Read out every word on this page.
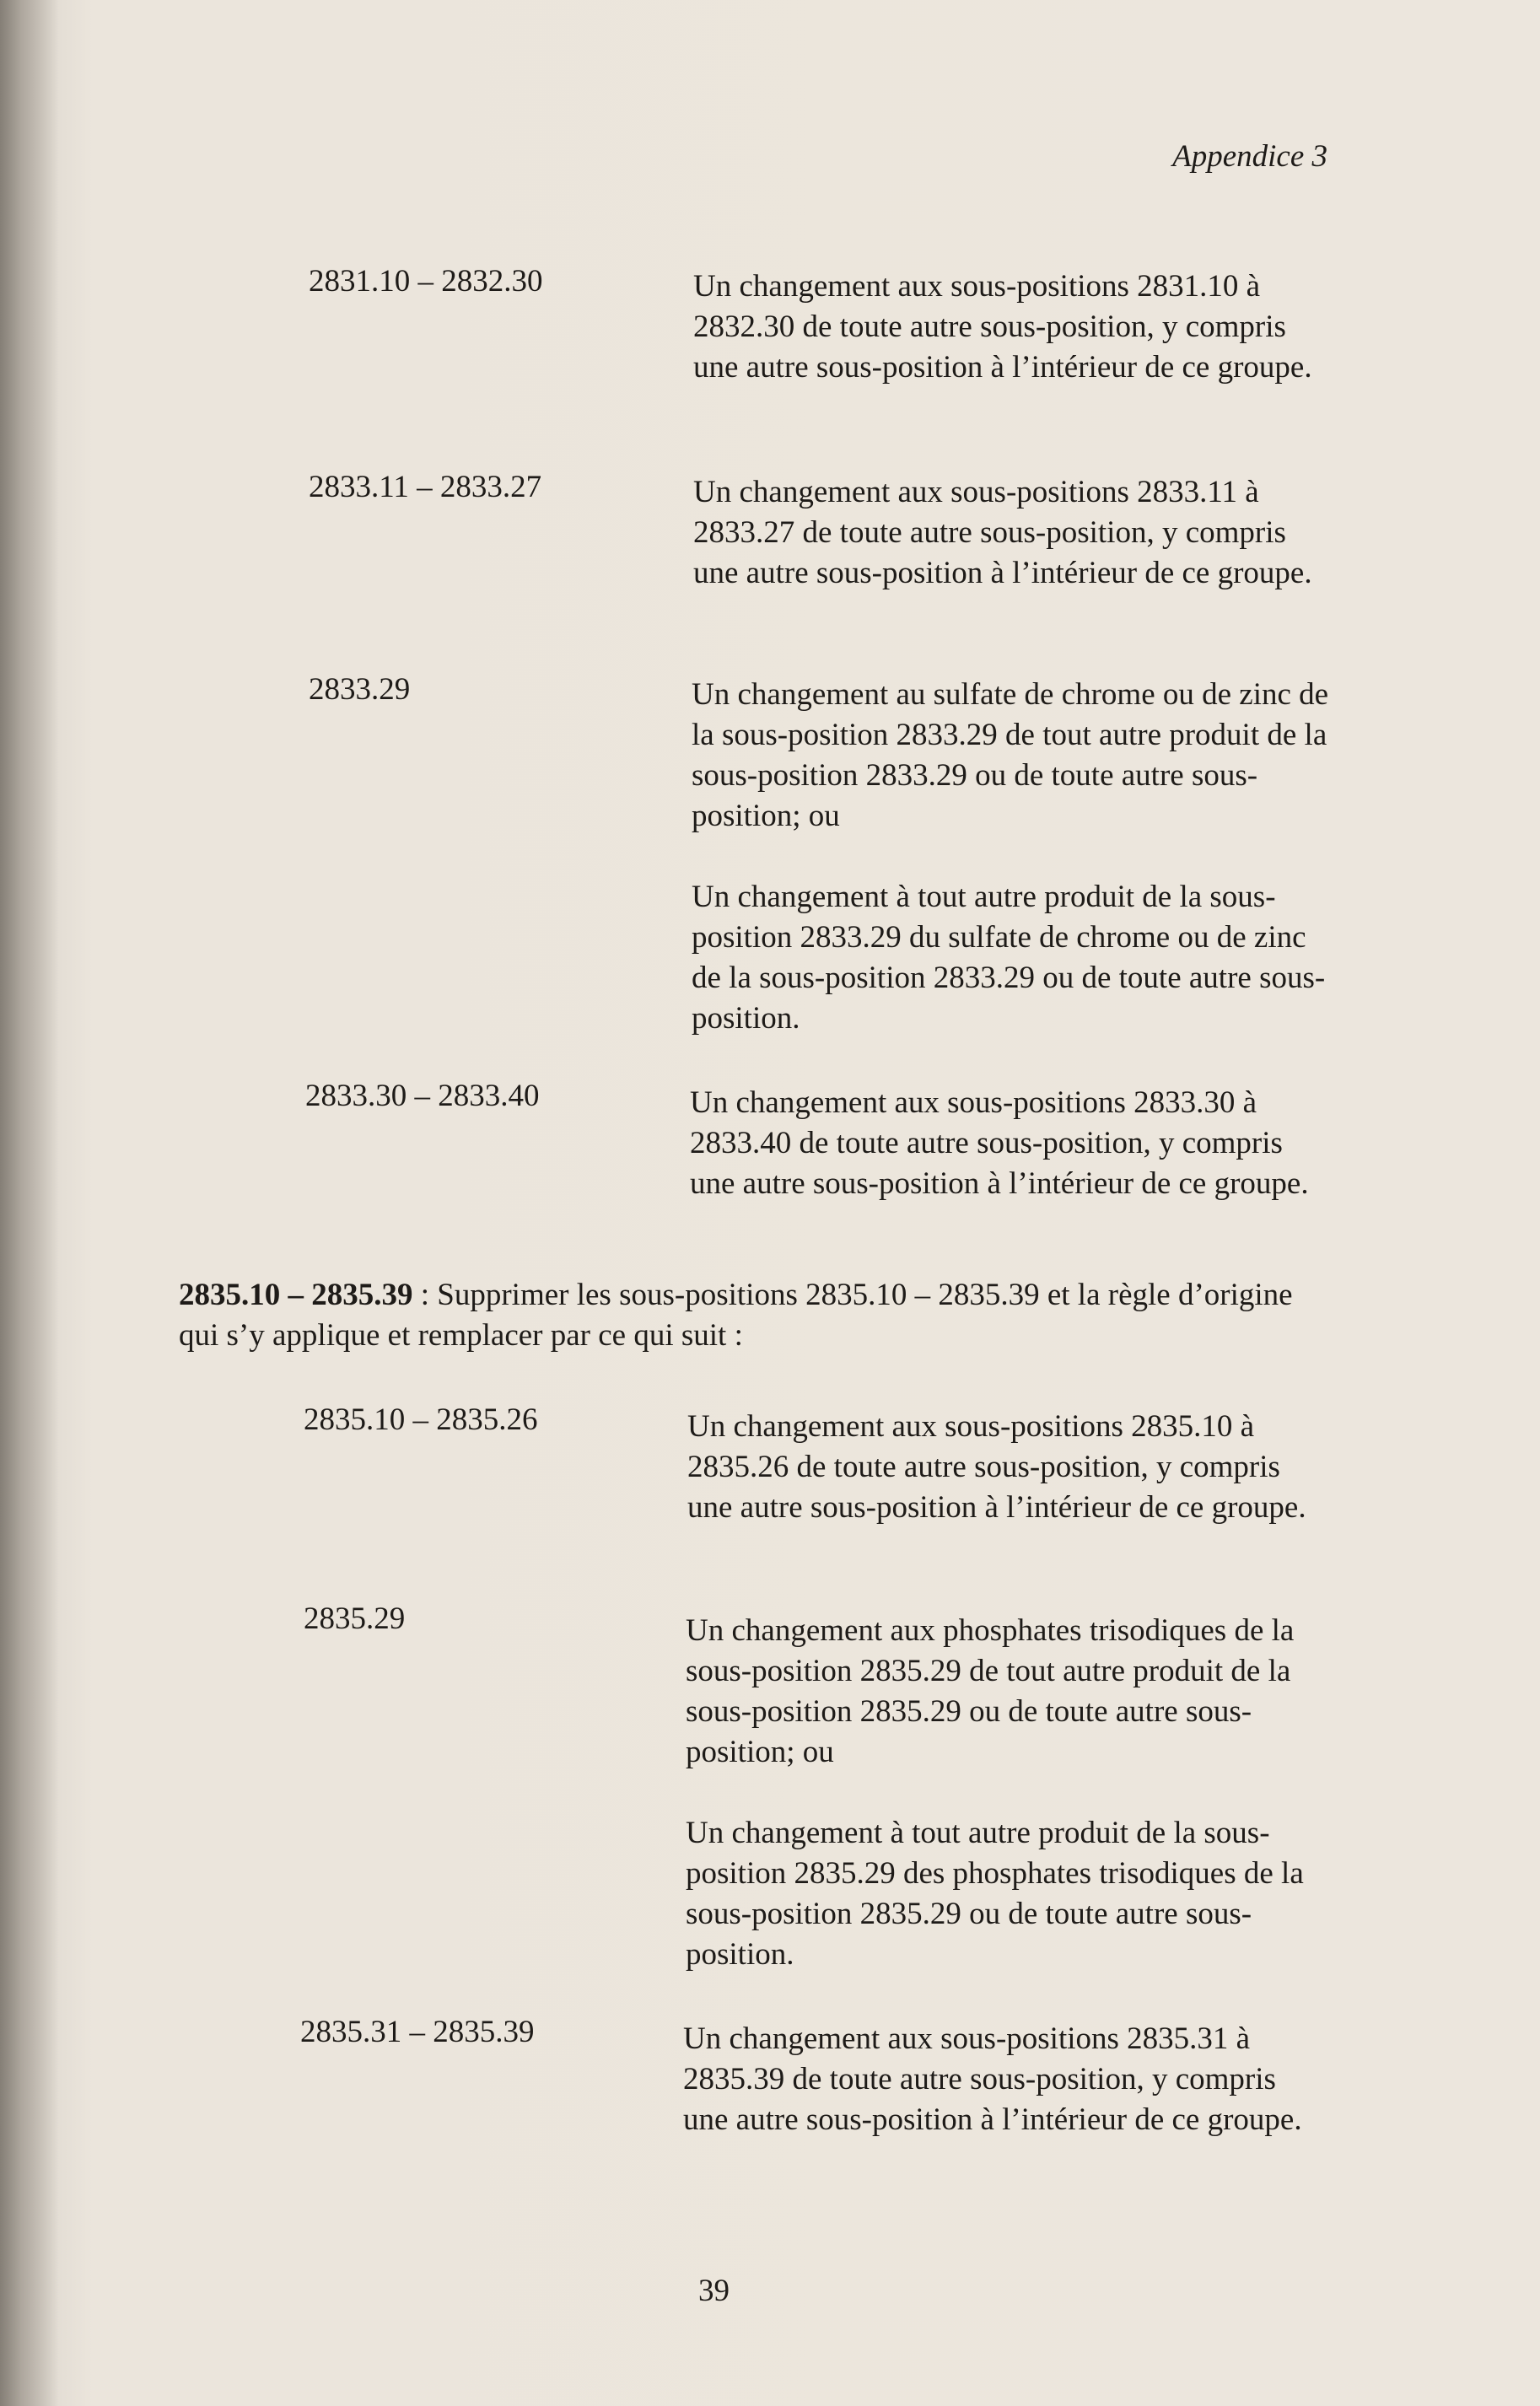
Appendice 3
2831.10 – 2832.30	Un changement aux sous-positions 2831.10 à 2832.30 de toute autre sous-position, y compris une autre sous-position à l’intérieur de ce groupe.

2833.11 – 2833.27	Un changement aux sous-positions 2833.11 à 2833.27 de toute autre sous-position, y compris une autre sous-position à l’intérieur de ce groupe.

2833.29	Un changement au sulfate de chrome ou de zinc de la sous-position 2833.29 de tout autre produit de la sous-position 2833.29 ou de toute autre sous-position; ou

Un changement à tout autre produit de la sous-position 2833.29 du sulfate de chrome ou de zinc de la sous-position 2833.29 ou de toute autre sous-position.

2833.30 – 2833.40	Un changement aux sous-positions 2833.30 à 2833.40 de toute autre sous-position, y compris une autre sous-position à l’intérieur de ce groupe.

2835.10 – 2835.39 : Supprimer les sous-positions 2835.10 – 2835.39 et la règle d’origine qui s’y applique et remplacer par ce qui suit :
2835.10 – 2835.26	Un changement aux sous-positions 2835.10 à 2835.26 de toute autre sous-position, y compris une autre sous-position à l’intérieur de ce groupe.

2835.29	Un changement aux phosphates trisodiques de la sous-position 2835.29 de tout autre produit de la sous-position 2835.29 ou de toute autre sous-position; ou

Un changement à tout autre produit de la sous-position 2835.29 des phosphates trisodiques de la sous-position 2835.29 ou de toute autre sous-position.

2835.31 – 2835.39	Un changement aux sous-positions 2835.31 à 2835.39 de toute autre sous-position, y compris une autre sous-position à l’intérieur de ce groupe.

39
